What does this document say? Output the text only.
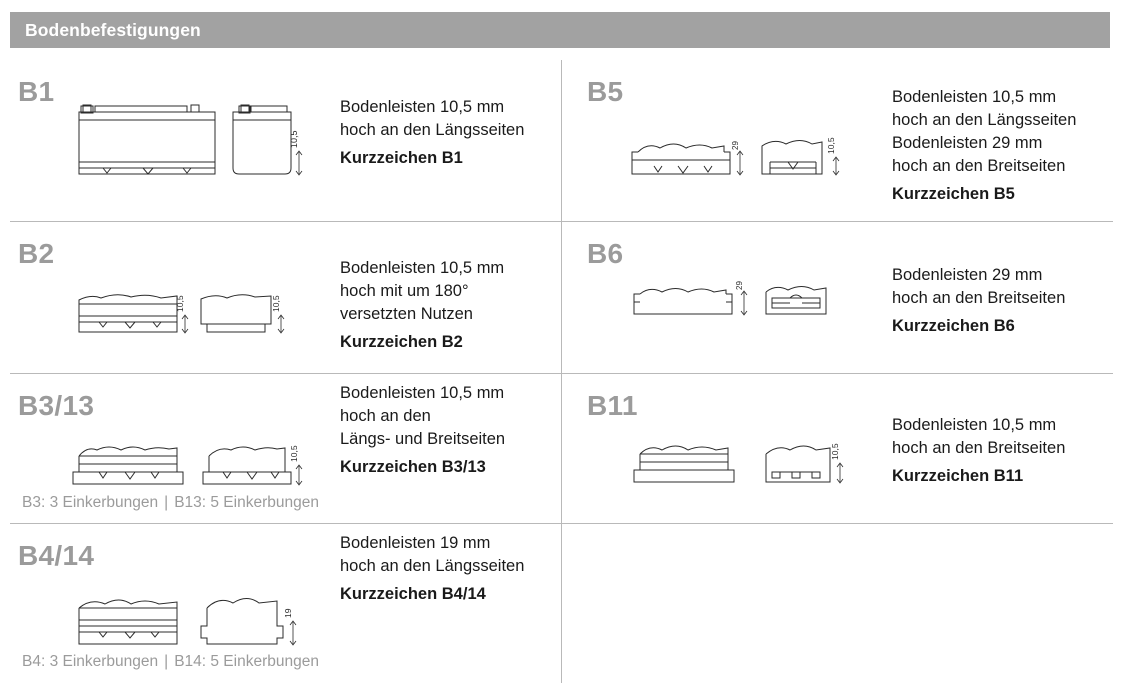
Bodenbefestigungen
B1
10,5
Bodenleisten 10,5 mm
hoch an den Längsseiten
Kurzzeichen B1
B2
10,5	10,5
Bodenleisten 10,5 mm
hoch mit um 180°
versetzten Nutzen
Kurzzeichen B2
B3/13
10,5
Bodenleisten 10,5 mm
hoch an den
Längs- und Breitseiten
Kurzzeichen B3/13
B3: 3 Einkerbungen | B13: 5 Einkerbungen
B4/14
19
Bodenleisten 19 mm
hoch an den Längsseiten
Kurzzeichen B4/14
B4: 3 Einkerbungen | B14: 5 Einkerbungen
B5
29	10,5
Bodenleisten 10,5 mm
hoch an den Längsseiten
Bodenleisten 29 mm
hoch an den Breitseiten
Kurzzeichen B5
B6
29
Bodenleisten 29 mm
hoch an den Breitseiten
Kurzzeichen B6
B11
10,5
Bodenleisten 10,5 mm
hoch an den Breitseiten
Kurzzeichen B11
